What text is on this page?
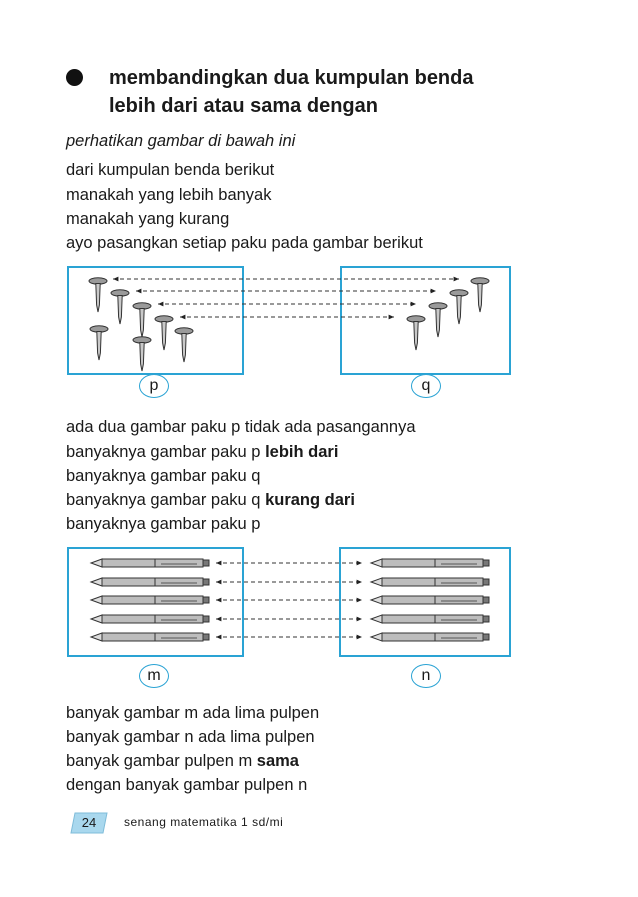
membandingkan dua kumpulan benda
lebih dari atau sama dengan
perhatikan gambar di bawah ini
dari kumpulan benda berikut
manakah yang lebih banyak
manakah yang kurang
ayo pasangkan setiap paku pada gambar berikut
p	q
ada dua gambar paku p tidak ada pasangannya
banyaknya gambar paku p lebih dari
banyaknya gambar paku q
banyaknya gambar paku q kurang dari
banyaknya gambar paku p
m	n
banyak gambar m ada lima pulpen
banyak gambar n ada lima pulpen
banyak gambar pulpen m sama
dengan banyak gambar pulpen n
24	senang matematika 1 sd/mi
